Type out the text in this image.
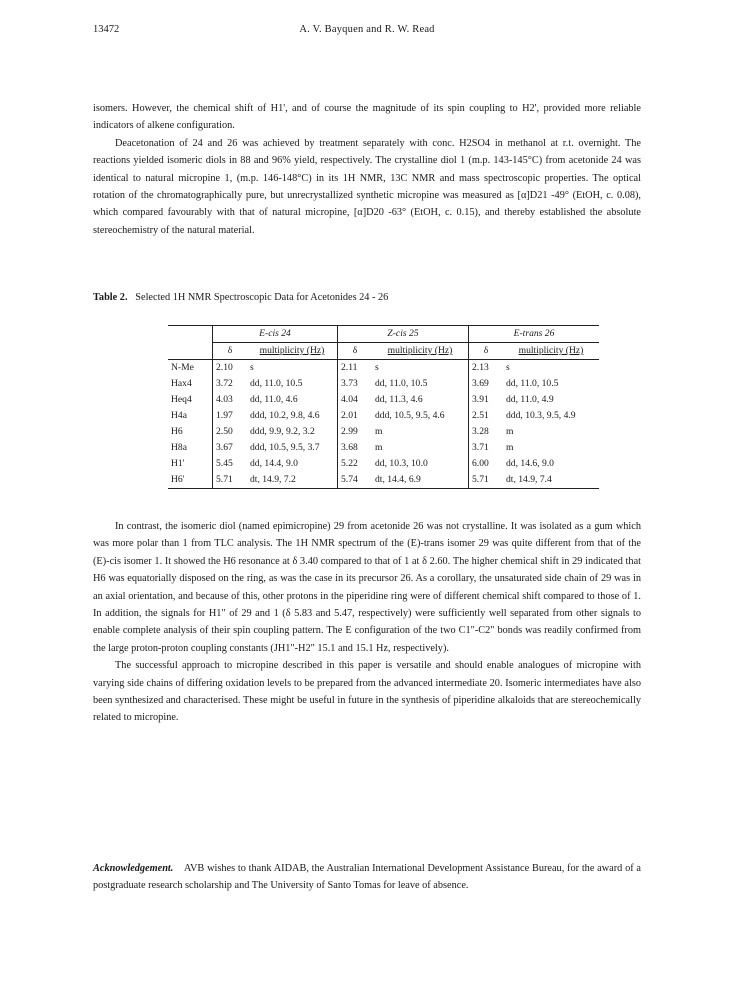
13472	A. V. Bayquen and R. W. Read

isomers. However, the chemical shift of H1', and of course the magnitude of its spin coupling to H2', provided more reliable indicators of alkene configuration.

Deacetonation of 24 and 26 was achieved by treatment separately with conc. H2SO4 in methanol at r.t. overnight. The reactions yielded isomeric diols in 88 and 96% yield, respectively. The crystalline diol 1 (m.p. 143-145°C) from acetonide 24 was identical to natural micropine 1, (m.p. 146-148°C) in its 1H NMR, 13C NMR and mass spectroscopic properties. The optical rotation of the chromatographically pure, but unrecrystallized synthetic micropine was measured as [α]D21 -49° (EtOH, c. 0.08), which compared favourably with that of natural micropine, [α]D20 -63° (EtOH, c. 0.15), and thereby established the absolute stereochemistry of the natural material.

Table 2. Selected 1H NMR Spectroscopic Data for Acetonides 24 - 26

	E-cis 24		Z-cis 25		E-trans 26	
	δ	multiplicity (Hz)	δ	multiplicity (Hz)	δ	multiplicity (Hz)
N-Me	2.10	s	2.11	s	2.13	s
Hax4	3.72	dd, 11.0, 10.5	3.73	dd, 11.0, 10.5	3.69	dd, 11.0, 10.5
Heq4	4.03	dd, 11.0, 4.6	4.04	dd, 11.3, 4.6	3.91	dd, 11.0, 4.9
H4a	1.97	ddd, 10.2, 9.8, 4.6	2.01	ddd, 10.5, 9.5, 4.6	2.51	ddd, 10.3, 9.5, 4.9
H6	2.50	ddd, 9.9, 9.2, 3.2	2.99	m	3.28	m
H8a	3.67	ddd, 10.5, 9.5, 3.7	3.68	m	3.71	m
H1'	5.45	dd, 14.4, 9.0	5.22	dd, 10.3, 10.0	6.00	dd, 14.6, 9.0
H6'	5.71	dt, 14.9, 7.2	5.74	dt, 14.4, 6.9	5.71	dt, 14.9, 7.4

In contrast, the isomeric diol (named epimicropine) 29 from acetonide 26 was not crystalline. It was isolated as a gum which was more polar than 1 from TLC analysis. The 1H NMR spectrum of the (E)-trans isomer 29 was quite different from that of the (E)-cis isomer 1. It showed the H6 resonance at δ 3.40 compared to that of 1 at δ 2.60. The higher chemical shift in 29 indicated that H6 was equatorially disposed on the ring, as was the case in its precursor 26. As a corollary, the unsaturated side chain of 29 was in an axial orientation, and because of this, other protons in the piperidine ring were of different chemical shift compared to those of 1. In addition, the signals for H1" of 29 and 1 (δ 5.83 and 5.47, respectively) were sufficiently well separated from other signals to enable complete analysis of their spin coupling pattern. The E configuration of the two C1"-C2" bonds was readily confirmed from the large proton-proton coupling constants (JH1"-H2" 15.1 and 15.1 Hz, respectively).

The successful approach to micropine described in this paper is versatile and should enable analogues of micropine with varying side chains of differing oxidation levels to be prepared from the advanced intermediate 20. Isomeric intermediates have also been synthesized and characterised. These might be useful in future in the synthesis of piperidine alkaloids that are stereochemically related to micropine.

Acknowledgement. AVB wishes to thank AIDAB, the Australian International Development Assistance Bureau, for the award of a postgraduate research scholarship and The University of Santo Tomas for leave of absence.
